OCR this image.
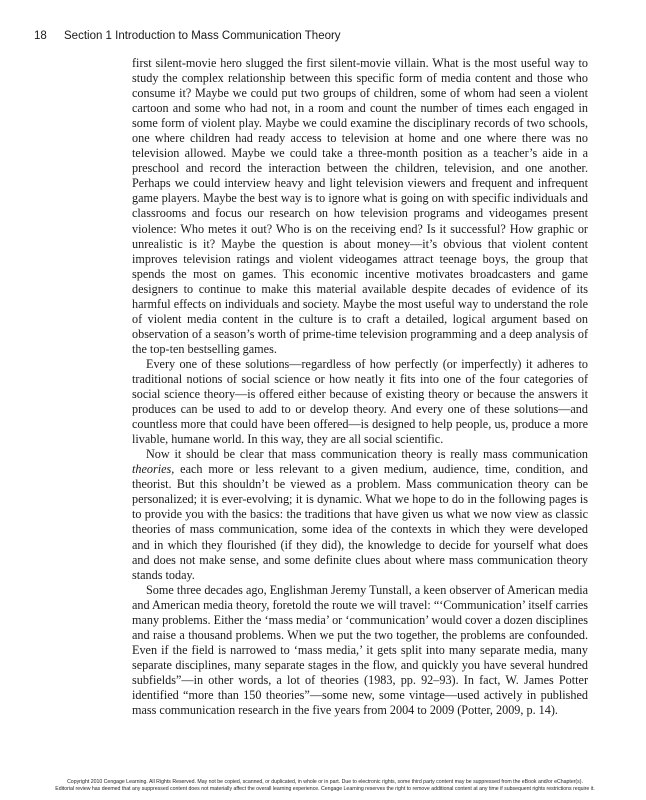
18 Section 1 Introduction to Mass Communication Theory

first silent-movie hero slugged the first silent-movie villain. What is the most useful way to study the complex relationship between this specific form of media content and those who consume it? Maybe we could put two groups of children, some of whom had seen a violent cartoon and some who had not, in a room and count the number of times each engaged in some form of violent play. Maybe we could examine the disciplinary records of two schools, one where children had ready access to television at home and one where there was no television allowed. Maybe we could take a three-month position as a teacher’s aide in a preschool and record the interaction between the children, television, and one another. Perhaps we could interview heavy and light television viewers and frequent and infrequent game players. Maybe the best way is to ignore what is going on with specific individuals and classrooms and focus our research on how television programs and videogames present violence: Who metes it out? Who is on the receiving end? Is it successful? How graphic or unrealistic is it? Maybe the question is about money—it’s obvious that violent content improves television ratings and violent videogames attract teenage boys, the group that spends the most on games. This economic incentive motivates broadcasters and game designers to continue to make this material available despite decades of evidence of its harmful effects on individuals and society. Maybe the most useful way to understand the role of violent media content in the culture is to craft a detailed, logical argument based on observation of a season’s worth of prime-time television programming and a deep analysis of the top-ten bestselling games.

Every one of these solutions—regardless of how perfectly (or imperfectly) it adheres to traditional notions of social science or how neatly it fits into one of the four categories of social science theory—is offered either because of existing theory or because the answers it produces can be used to add to or develop theory. And every one of these solutions—and countless more that could have been offered—is designed to help people, us, produce a more livable, humane world. In this way, they are all social scientific.

Now it should be clear that mass communication theory is really mass communication theories, each more or less relevant to a given medium, audience, time, condition, and theorist. But this shouldn’t be viewed as a problem. Mass communication theory can be personalized; it is ever-evolving; it is dynamic. What we hope to do in the following pages is to provide you with the basics: the traditions that have given us what we now view as classic theories of mass communication, some idea of the contexts in which they were developed and in which they flourished (if they did), the knowledge to decide for yourself what does and does not make sense, and some definite clues about where mass communication theory stands today.

Some three decades ago, Englishman Jeremy Tunstall, a keen observer of American media and American media theory, foretold the route we will travel: “‘Communication’ itself carries many problems. Either the ‘mass media’ or ‘communication’ would cover a dozen disciplines and raise a thousand problems. When we put the two together, the problems are confounded. Even if the field is narrowed to ‘mass media,’ it gets split into many separate media, many separate disciplines, many separate stages in the flow, and quickly you have several hundred subfields”—in other words, a lot of theories (1983, pp. 92–93). In fact, W. James Potter identified “more than 150 theories”—some new, some vintage—used actively in published mass communication research in the five years from 2004 to 2009 (Potter, 2009, p. 14).

Copyright 2010 Cengage Learning. All Rights Reserved. May not be copied, scanned, or duplicated, in whole or in part. Due to electronic rights, some third party content may be suppressed from the eBook and/or eChapter(s).
Editorial review has deemed that any suppressed content does not materially affect the overall learning experience. Cengage Learning reserves the right to remove additional content at any time if subsequent rights restrictions require it.
